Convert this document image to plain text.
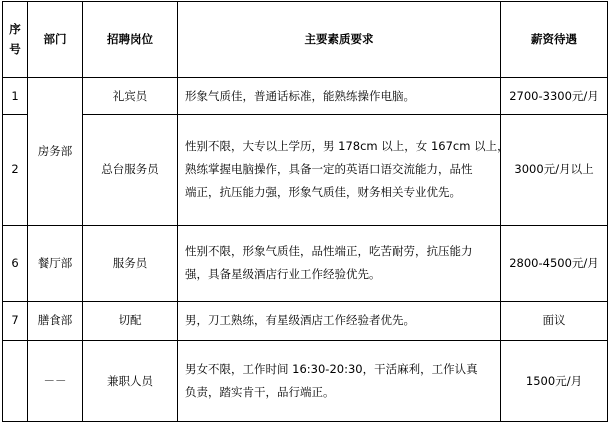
序
号	部门	招聘岗位	主要素质要求	薪资待遇
1	房务部	礼宾员	形象气质佳，普通话标准，能熟练操作电脑。	2700-3300元/月
2		总台服务员	性别不限，大专以上学历，男 178cm 以上，女 167cm 以上，
熟练掌握电脑操作，具备一定的英语口语交流能力，品性
端正，抗压能力强，形象气质佳，财务相关专业优先。	3000元/月以上
6	餐厅部	服务员	性别不限，形象气质佳，品性端正，吃苦耐劳，抗压能力
强，具备星级酒店行业工作经验优先。	2800-4500元/月
7	膳食部	切配	男，刀工熟练，有星级酒店工作经验者优先。	面议
	－－	兼职人员	男女不限，工作时间 16:30-20:30，干活麻利，工作认真
负责，踏实肯干，品行端正。	1500元/月
